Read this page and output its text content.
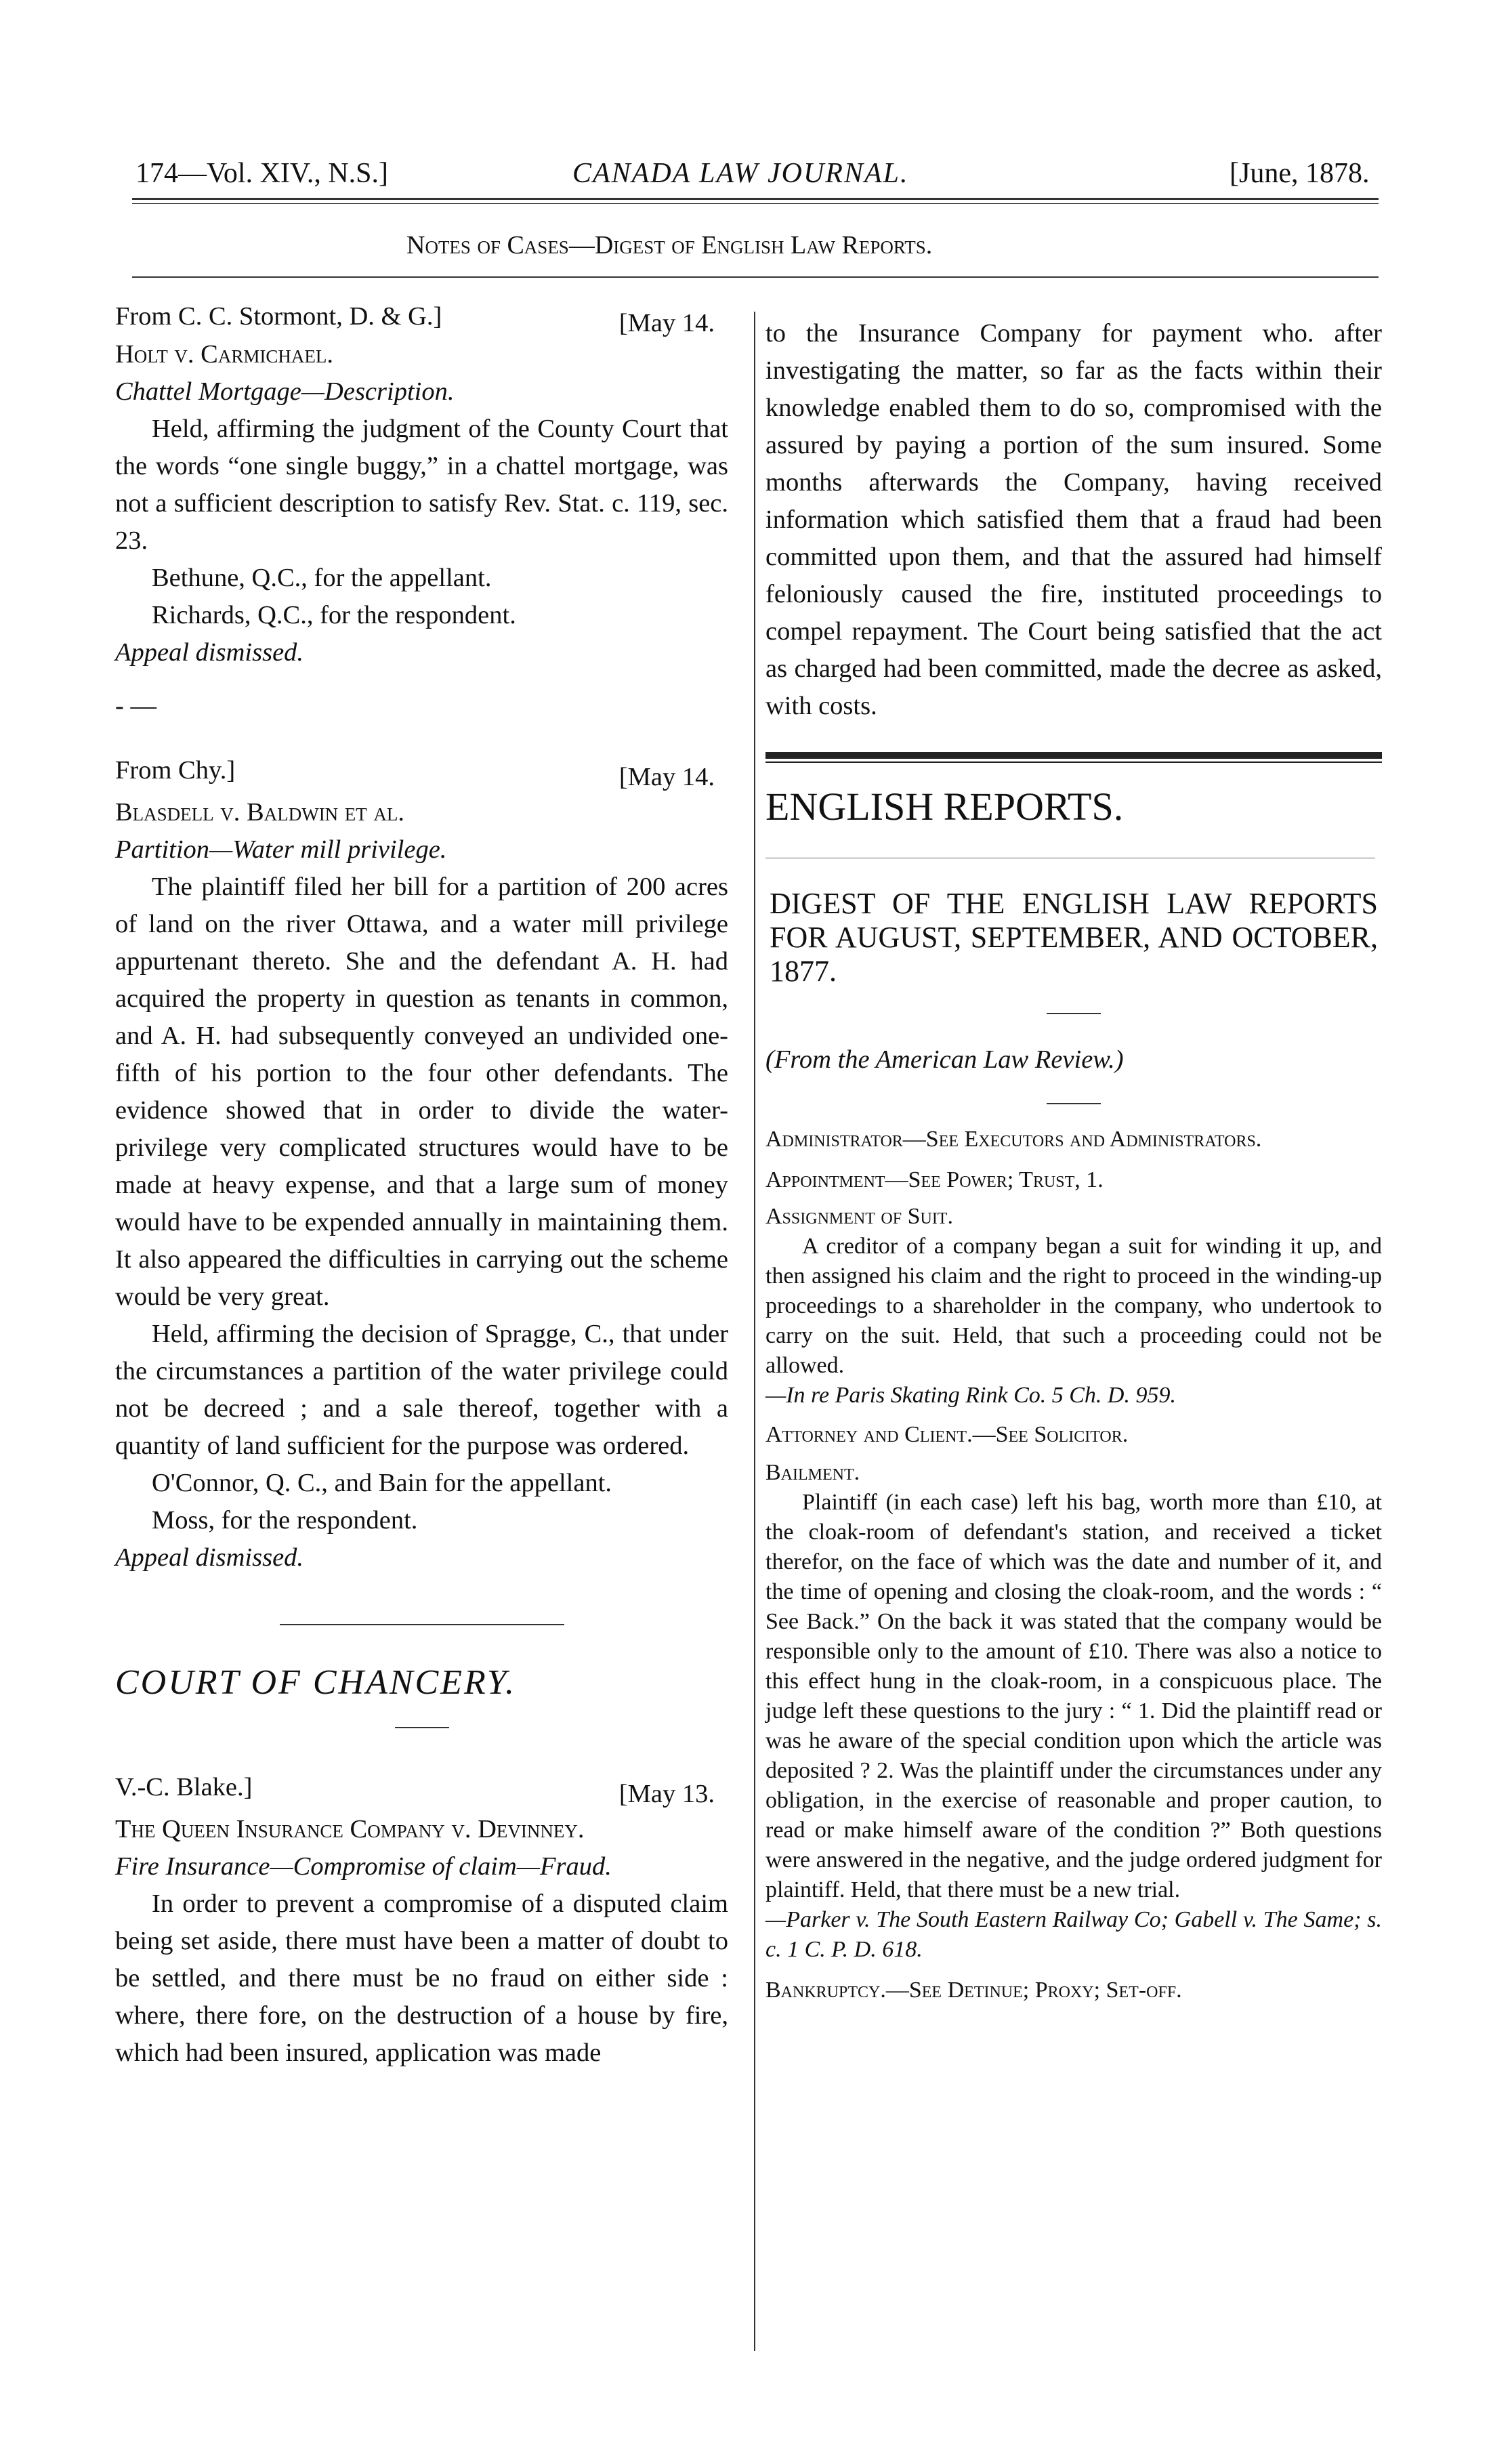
174—Vol. XIV., N.S.]	CANADA LAW JOURNAL.	[June, 1878.
Notes of Cases—Digest of English Law Reports.
From C. C. Stormont, D. & G.]	[May 14.

Holt v. Carmichael.

Chattel Mortgage—Description.

Held, affirming the judgment of the County Court that the words “one single buggy,” in a chattel mortgage, was not a sufficient description to satisfy Rev. Stat. c. 119, sec. 23.

Bethune, Q.C., for the appellant.

Richards, Q.C., for the respondent.

Appeal dismissed.

- —

From Chy.]	[May 14.

Blasdell v. Baldwin et al.

Partition—Water mill privilege.

The plaintiff filed her bill for a partition of 200 acres of land on the river Ottawa, and a water mill privilege appurtenant thereto. She and the defendant A. H. had acquired the property in question as tenants in common, and A. H. had subsequently conveyed an undivided one-fifth of his portion to the four other defendants. The evidence showed that in order to divide the water-privilege very complicated structures would have to be made at heavy expense, and that a large sum of money would have to be expended annually in maintaining them. It also appeared the difficulties in carrying out the scheme would be very great.

Held, affirming the decision of Spragge, C., that under the circumstances a partition of the water privilege could not be decreed ; and a sale thereof, together with a quantity of land sufficient for the purpose was ordered.

O'Connor, Q. C., and Bain for the appellant.

Moss, for the respondent.

Appeal dismissed.

COURT OF CHANCERY.

V.-C. Blake.]	[May 13.

The Queen Insurance Company v. Devinney.

Fire Insurance—Compromise of claim—Fraud.

In order to prevent a compromise of a disputed claim being set aside, there must have been a matter of doubt to be settled, and there must be no fraud on either side : where, there fore, on the destruction of a house by fire, which had been insured, application was made

to the Insurance Company for payment who. after investigating the matter, so far as the facts within their knowledge enabled them to do so, compromised with the assured by paying a portion of the sum insured. Some months afterwards the Company, having received information which satisfied them that a fraud had been committed upon them, and that the assured had himself feloniously caused the fire, instituted proceedings to compel repayment. The Court being satisfied that the act as charged had been committed, made the decree as asked, with costs.

ENGLISH REPORTS.

DIGEST OF THE ENGLISH LAW REPORTS FOR AUGUST, SEPTEMBER, AND OCTOBER, 1877.

(From the American Law Review.)

Administrator—See Executors and Administrators.

Appointment—See Power; Trust, 1.

Assignment of Suit.

A creditor of a company began a suit for winding it up, and then assigned his claim and the right to proceed in the winding-up proceedings to a shareholder in the company, who undertook to carry on the suit. Held, that such a proceeding could not be allowed.

—In re Paris Skating Rink Co. 5 Ch. D. 959.

Attorney and Client.—See Solicitor.

Bailment.

Plaintiff (in each case) left his bag, worth more than £10, at the cloak-room of defendant's station, and received a ticket therefor, on the face of which was the date and number of it, and the time of opening and closing the cloak-room, and the words : “ See Back.” On the back it was stated that the company would be responsible only to the amount of £10. There was also a notice to this effect hung in the cloak-room, in a conspicuous place. The judge left these questions to the jury : “ 1. Did the plaintiff read or was he aware of the special condition upon which the article was deposited ? 2. Was the plaintiff under the circumstances under any obligation, in the exercise of reasonable and proper caution, to read or make himself aware of the condition ?” Both questions were answered in the negative, and the judge ordered judgment for plaintiff. Held, that there must be a new trial.

—Parker v. The South Eastern Railway Co; Gabell v. The Same; s. c. 1 C. P. D. 618.

Bankruptcy.—See Detinue; Proxy; Set-off.
